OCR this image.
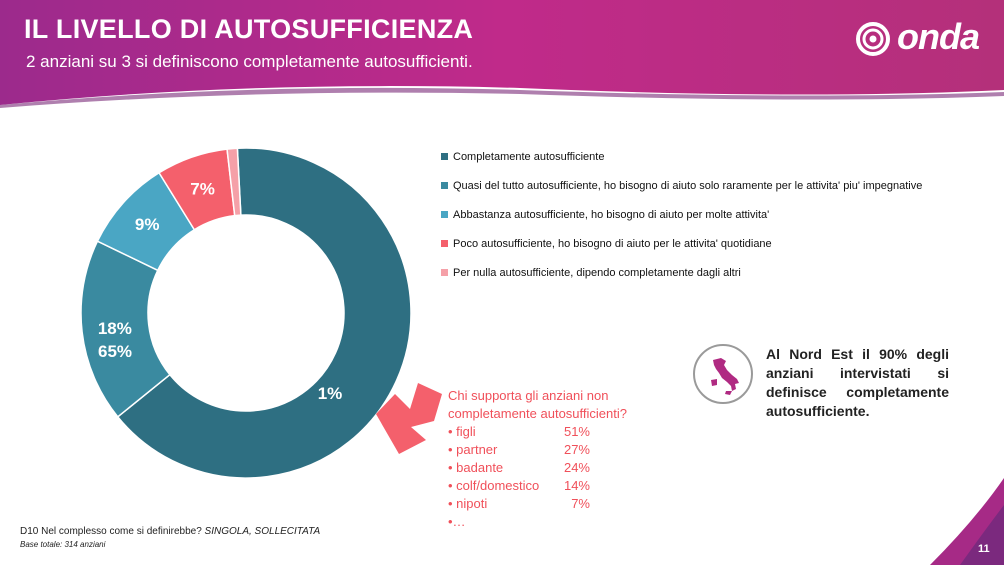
IL LIVELLO DI AUTOSUFFICIENZA
2 anziani su 3 si definiscono completamente autosufficienti.
onda
65%
18%
9%
7%
1%
Completamente autosufficiente
Quasi del tutto autosufficiente, ho bisogno di aiuto solo raramente per le attivita' piu' impegnative
Abbastanza autosufficiente, ho bisogno di aiuto per molte attivita'
Poco autosufficiente, ho bisogno di aiuto per le attivita' quotidiane
Per nulla autosufficiente, dipendo completamente dagli altri
Chi supporta gli anziani non
completamente autosufficienti?
• figli	51%
• partner	27%
• badante	24%
• colf/domestico	14%
• nipoti	7%
•…
Al Nord Est il 90% degli anziani intervistati si definisce completamente autosufficiente.
D10 Nel complesso come si definirebbe? SINGOLA, SOLLECITATA
Base totale: 314 anziani	11
